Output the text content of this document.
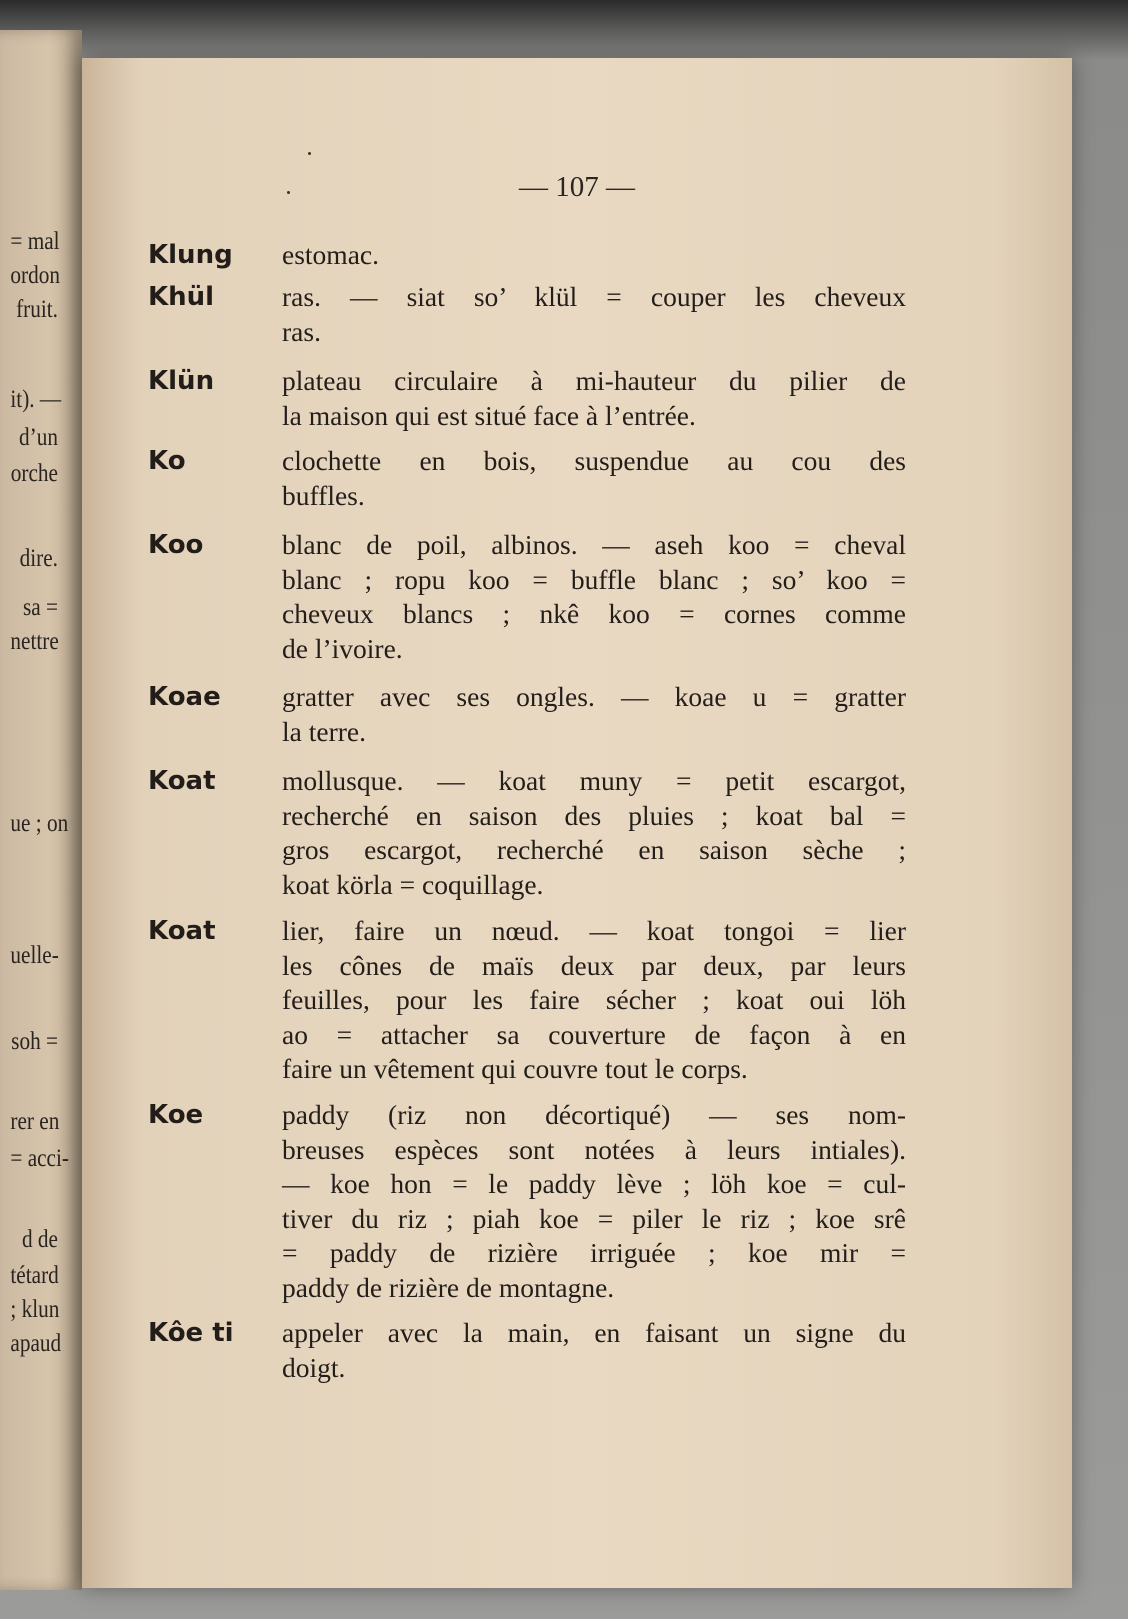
= mal
ordon
fruit.
it). —
d’un
orche
dire.
sa =
nettre
ue ; on
uelle-
soh =
rer en
= acci-
d de
tétard
; klun
apaud
— 107 —
Klung	estomac.
Khül	ras. — siat so’ klül = couper les cheveux
ras.
Klün	plateau circulaire à mi-hauteur du pilier de
la maison qui est situé face à l’entrée.
Ko	clochette en bois, suspendue au cou des
buffles.
Koo	blanc de poil, albinos. — aseh koo = cheval
blanc ; ropu koo = buffle blanc ; so’ koo =
cheveux blancs ; nkê koo = cornes comme
de l’ivoire.
Koae	gratter avec ses ongles. — koae u = gratter
la terre.
Koat	mollusque. — koat muny = petit escargot,
recherché en saison des pluies ; koat bal =
gros escargot, recherché en saison sèche ;
koat körla = coquillage.
Koat	lier, faire un nœud. — koat tongoi = lier
les cônes de maïs deux par deux, par leurs
feuilles, pour les faire sécher ; koat oui löh
ao = attacher sa couverture de façon à en
faire un vêtement qui couvre tout le corps.
Koe	paddy (riz non décortiqué) — ses nom-
breuses espèces sont notées à leurs intiales).
— koe hon = le paddy lève ; löh koe = cul-
tiver du riz ; piah koe = piler le riz ; koe srê
= paddy de rizière irriguée ; koe mir =
paddy de rizière de montagne.
Kôe ti	appeler avec la main, en faisant un signe du
doigt.
